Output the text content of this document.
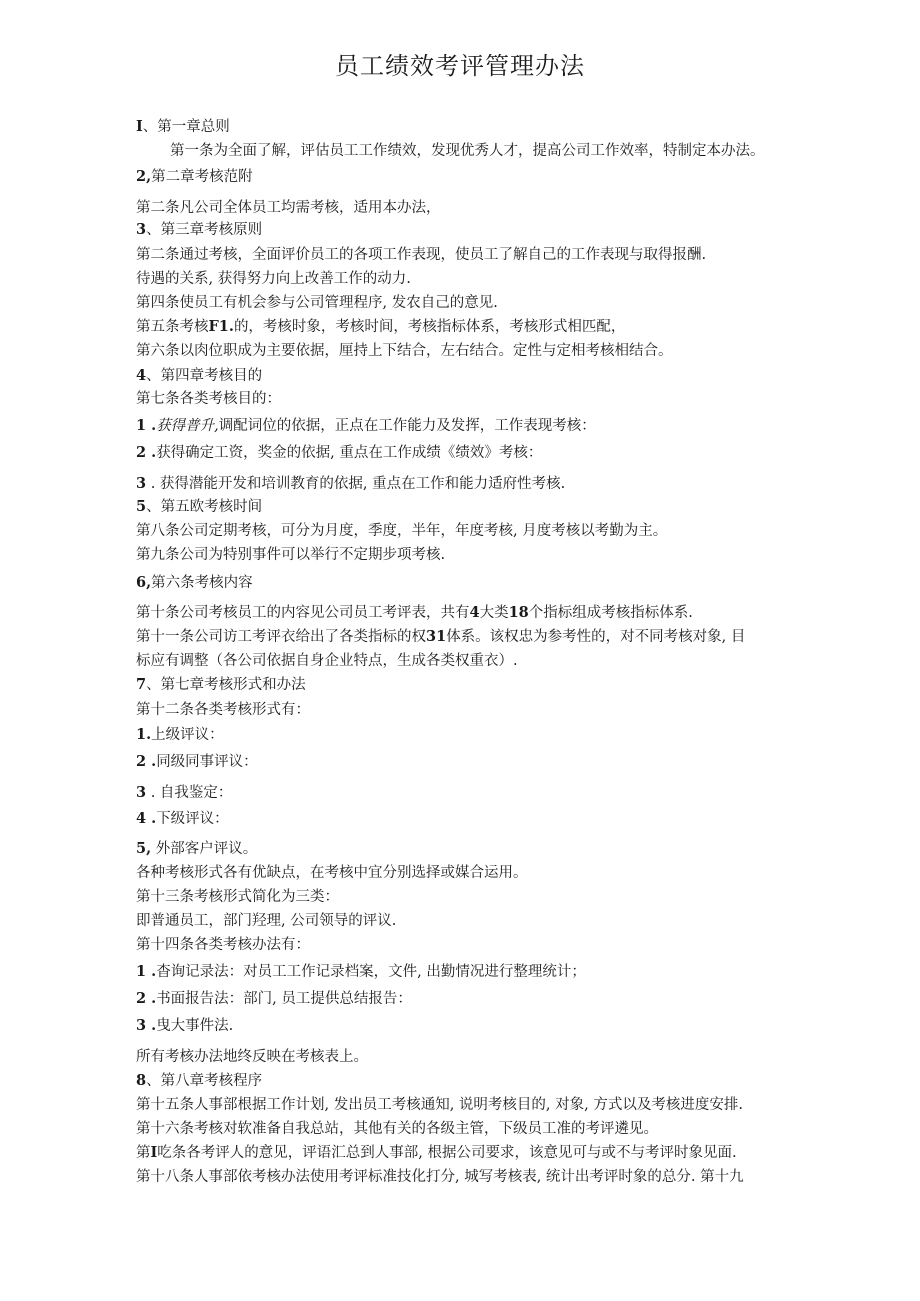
员工绩效考评管理办法
I、第一章总则
第一条为全面了解，评估员工工作绩效，发现优秀人才，提高公司工作效率，特制定本办法。
2,第二章考核范附
第二条凡公司全体员工均需考核，适用本办法，
3、第三章考核原则
第二条通过考核，全面评价员工的各项工作表现，使员工了解自己的工作表现与取得报酬.
待遇的关系, 获得努力向上改善工作的动力.
第四条使员工有机会参与公司管理程序, 发农自己的意见.
第五条考核F1.的，考核时象，考核时间，考核指标体系，考核形式相匹配，
第六条以肉位职成为主要依据，厘持上下结合，左右结合。定性与定相考核相结合。
4、第四章考核目的
第七条各类考核目的：
1 .获得普升,调配词位的依据，正点在工作能力及发挥，工作表现考核：
2 .获得确定工资，奖金的依据, 重点在工作成绩《绩效》考核：
3 . 获得潜能开发和培训教育的依据, 重点在工作和能力适府性考核.
5、第五欧考核时间
第八条公司定期考核，可分为月度，季度，半年，年度考核, 月度考核以考勤为主。
第九条公司为特别事件可以举行不定期步项考核.
6,第六条考核内容
第十条公司考核员工的内容见公司员工考评表，共有4大类18个指标组成考核指标体系.
第十一条公司访工考评衣给出了各类指标的权31体系。该权忠为参考性的，对不同考核对象, 目
标应有调整（各公司依据自身企业特点，生成各类权重衣）.
7、第七章考核形式和办法
第十二条各类考核形式有：
1.上级评议：
2 .同级同事评议：
3 . 自我鉴定：
4 .下级评议：
5, 外部客户评议。
各种考核形式各有优缺点，在考核中宜分别选择或媒合运用。
第十三条考核形式简化为三类：
即普通员工，部门羟理, 公司领导的评议.
第十四条各类考核办法有：
1 .杳询记录法：对员工工作记录档案，文件, 出勤情况进行整理统计；
2 .书面报告法：部门, 员工提供总结报告：
3 .曳大事件法.
所有考核办法地终反映在考核表上。
8、第八章考核程序
第十五条人事部根据工作计划, 发出员工考核通知, 说明考核目的, 对象, 方式以及考核进度安排.
第十六条考核对软准备自我总站，其他有关的各级主管，下级员工准的考评遴见。
第I吃条各考评人的意见，评语汇总到人事部, 根据公司要求，该意见可与或不与考评时象见面.
第十八条人事部依考核办法使用考评标准技化打分, 城写考核表, 统计出考评时象的总分. 第十九
